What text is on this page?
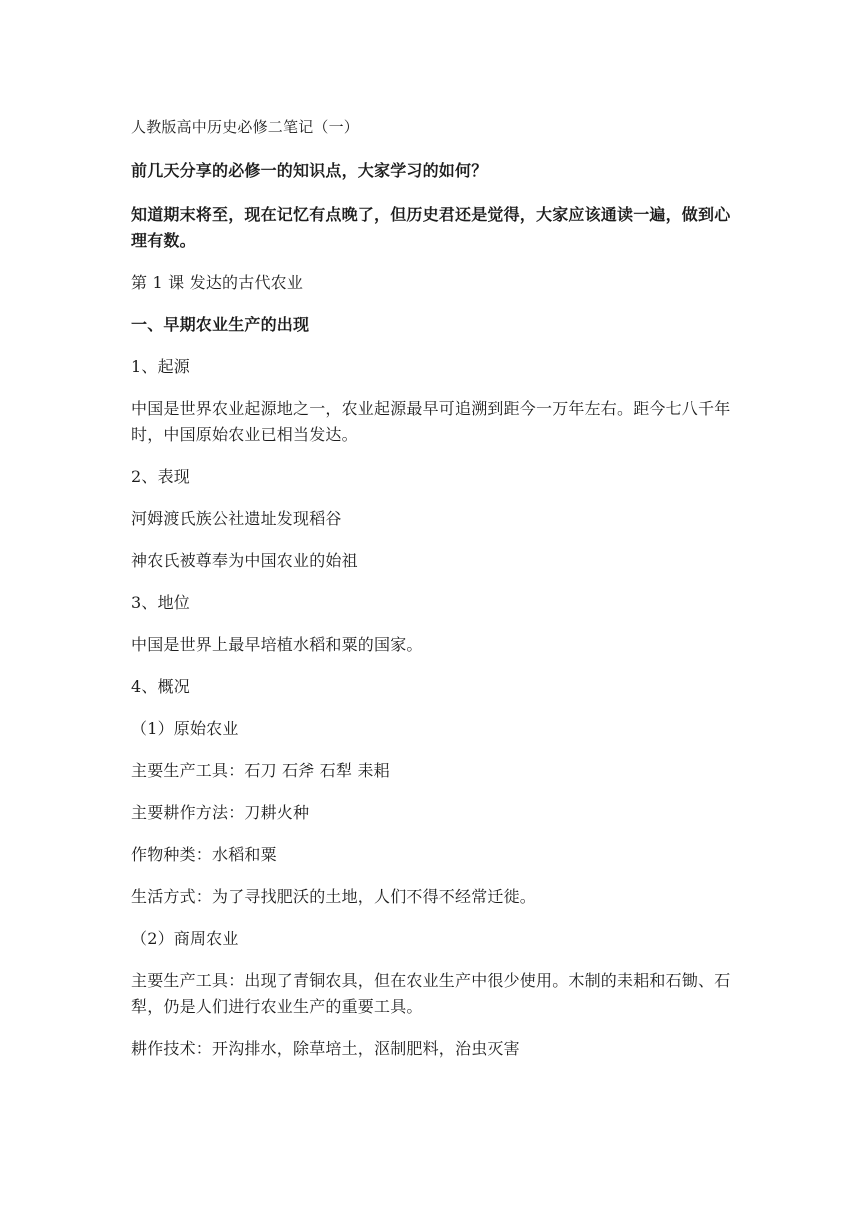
人教版高中历史必修二笔记（一）

前几天分享的必修一的知识点，大家学习的如何？

知道期末将至，现在记忆有点晚了，但历史君还是觉得，大家应该通读一遍，做到心理有数。

第 1 课 发达的古代农业

一、早期农业生产的出现

1、起源

中国是世界农业起源地之一，农业起源最早可追溯到距今一万年左右。距今七八千年时，中国原始农业已相当发达。

2、表现

河姆渡氏族公社遗址发现稻谷

神农氏被尊奉为中国农业的始祖

3、地位

中国是世界上最早培植水稻和粟的国家。

4、概况

（1）原始农业

主要生产工具：石刀 石斧 石犁 耒耜

主要耕作方法：刀耕火种

作物种类：水稻和粟

生活方式：为了寻找肥沃的土地，人们不得不经常迁徙。

（2）商周农业

主要生产工具：出现了青铜农具，但在农业生产中很少使用。木制的耒耜和石锄、石犁，仍是人们进行农业生产的重要工具。

耕作技术：开沟排水，除草培土，沤制肥料，治虫灭害
